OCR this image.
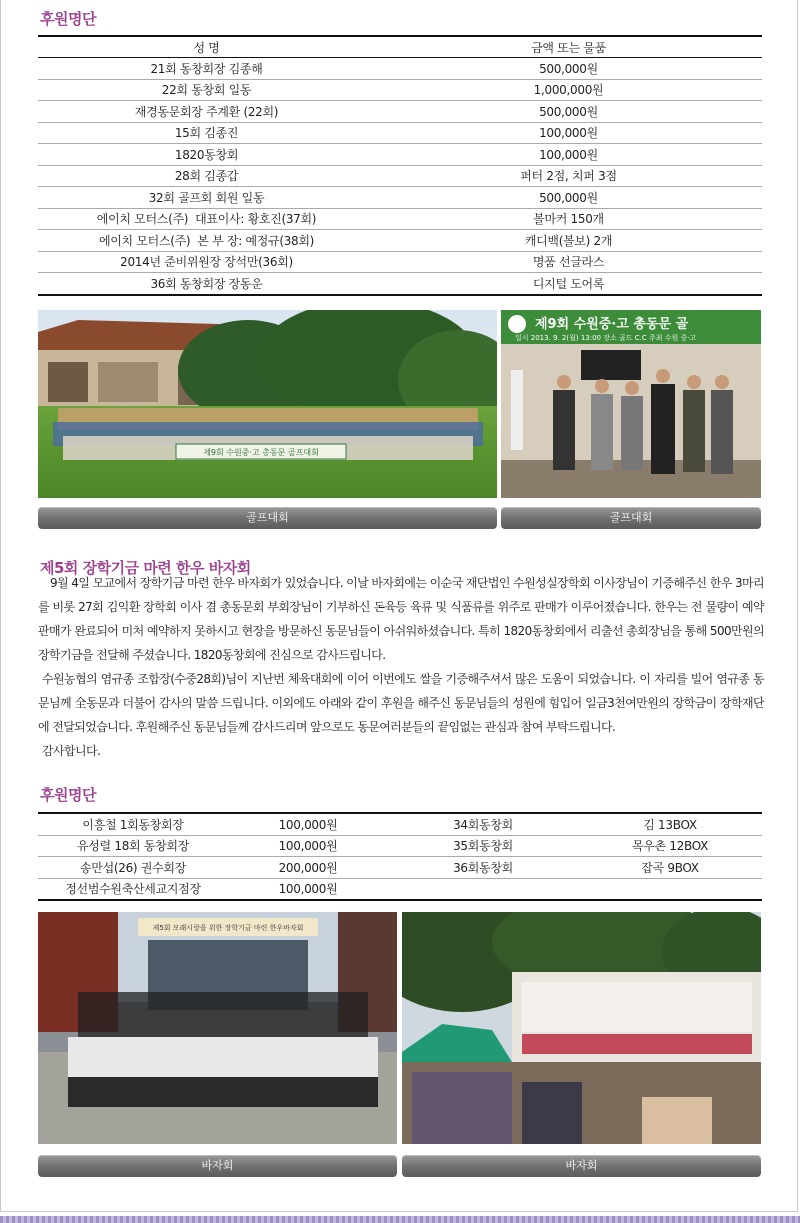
후원명단
성 명	금액 또는 물품
21회 동창회장 김종해	500,000원
22회 동창회 일동	1,000,000원
재경동문회장 주계환 (22회)	500,000원
15회 김종진	100,000원
1820동창회	100,000원
28회 김종갑	퍼터 2점, 치퍼 3점
32회 골프회 회원 일동	500,000원
에이치 모터스(주)  대표이사: 황호진(37회)	볼마커 150개
에이치 모터스(주)  본 부 장: 예정규(38회)	캐디백(볼보) 2개
2014년 준비위원장 장석만(36회)	명품 선글라스
36회 동창회장 장동운	디지털 도어록
제9회 수원중·고 총동문 골프대회
제9회 수원중·고 총동문 골
일시 2013. 9. 2(월) 13:00 장소 골드 C.C 주최 수원 중·고
골프대회	골프대회
제5회 장학기금 마련 한우 바자회

9월 4일 모교에서 장학기금 마련 한우 바자회가 있었습니다. 이날 바자회에는 이순국 재단법인 수원성실장학회 이사장님이 기증해주신 한우 3마리를 비롯 27회 김익환 장학회 이사 겸 총동문회 부회장님이 기부하신 돈육등 육류 및 식품류를 위주로 판매가 이루어졌습니다. 한우는 전 물량이 예약판매가 완료되어 미처 예약하지 못하시고 현장을 방문하신 동문님들이 아쉬워하셨습니다. 특히 1820동창회에서 리출선 총회장님을 통해 500만원의 장학기금을 전달해 주셨습니다. 1820동창회에 진심으로 감사드립니다.

수원농협의 염규종 조합장(수중28회)님이 지난번 체육대회에 이어 이번에도 쌀을 기증해주셔서 많은 도움이 되었습니다. 이 자리를 빌어 염규종 동문님께 全동문과 더불어 감사의 말씀 드립니다. 이외에도 아래와 같이 후원을 해주신 동문님들의 성원에 힘입어 일금3천여만원의 장학금이 장학재단에 전달되었습니다. 후원해주신 동문님들께 감사드리며 앞으로도 동문여러분들의 끝임없는 관심과 참여 부탁드립니다.

감사합니다.

후원명단
이흥철 1회동창회장	100,000원	34회동창회	김 13BOX
유성렬 18회 동창회장	100,000원	35회동창회	목우촌 12BOX
송만섭(26) 권수회장	200,000원	36회동창회	잡곡 9BOX
정선범수원축산세교지점장	100,000원		
제5회 모래시랑을 위한 장학기금 마련 한우바자회
바자회	바자회
